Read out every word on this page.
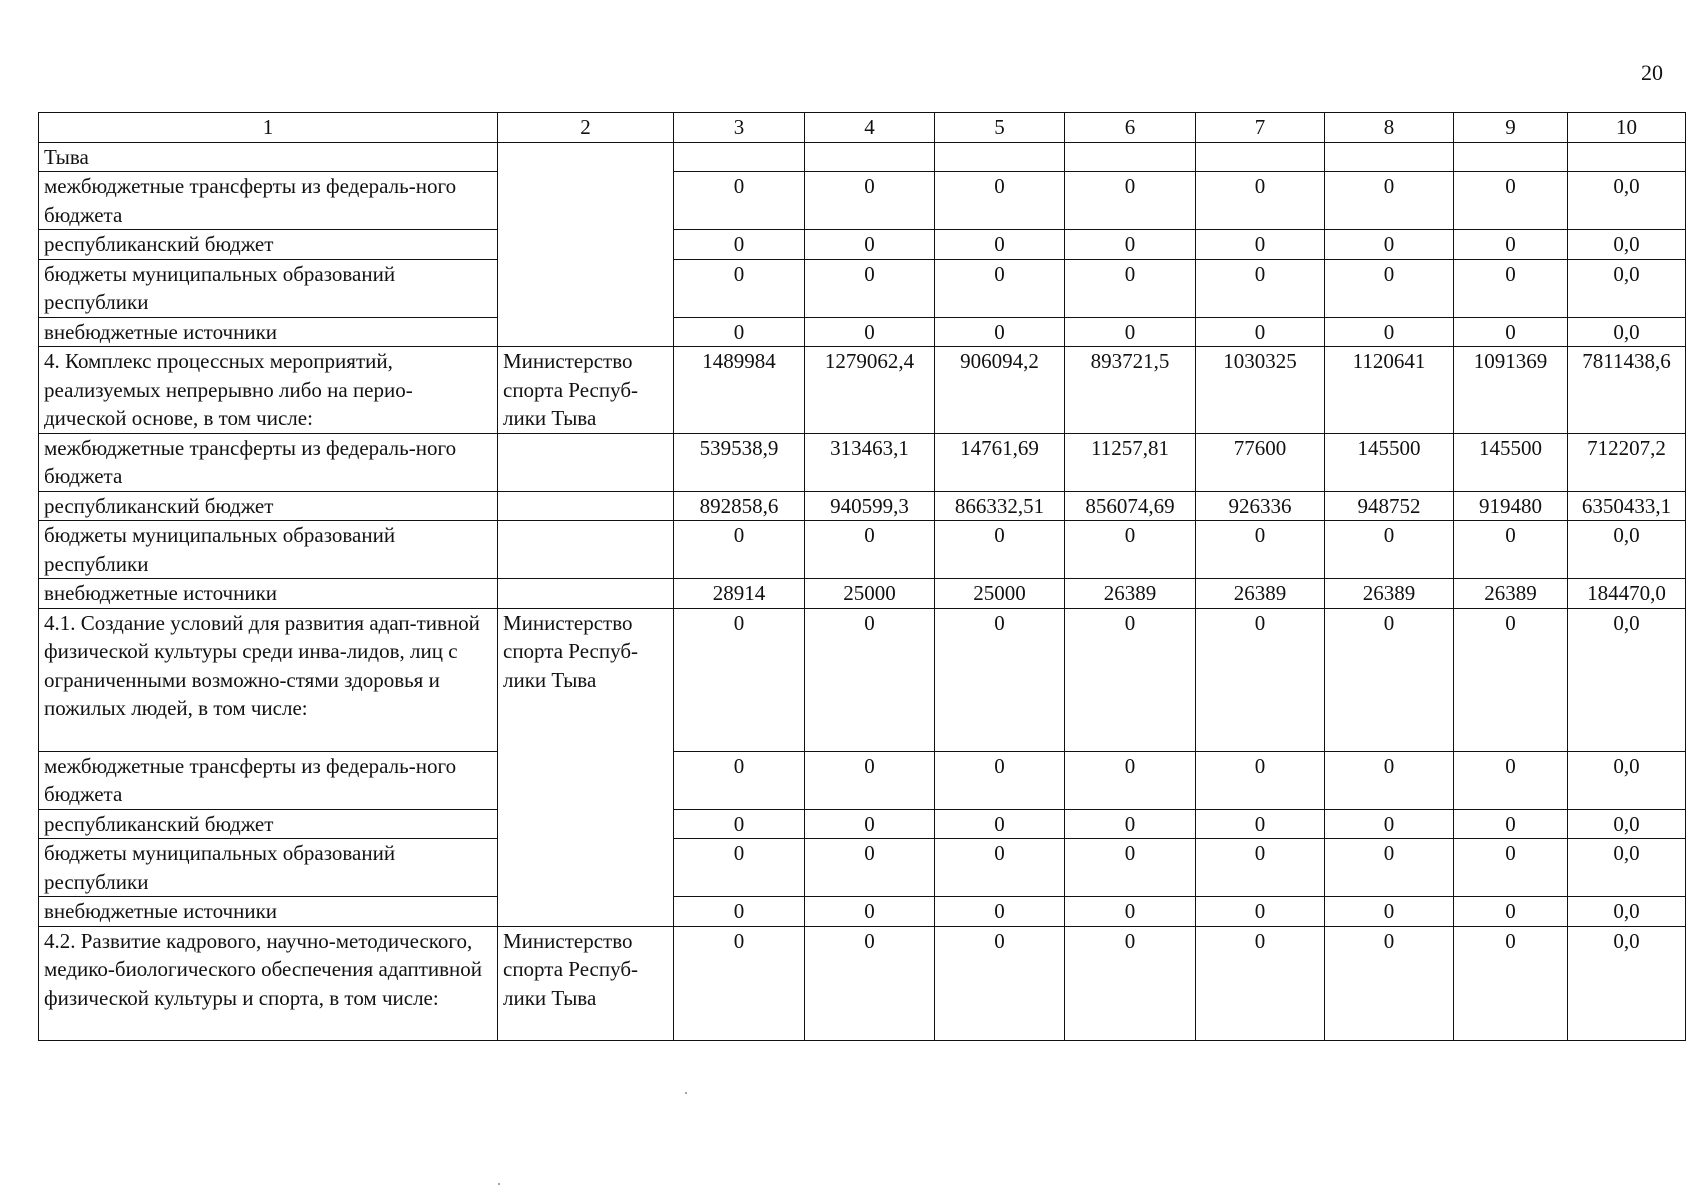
20
1	2	3	4	5	6	7	8	9	10
Тыва									
межбюджетные трансферты из федераль-ного бюджета		0	0	0	0	0	0	0	0,0
республиканский бюджет		0	0	0	0	0	0	0	0,0
бюджеты муниципальных образований республики		0	0	0	0	0	0	0	0,0
внебюджетные источники		0	0	0	0	0	0	0	0,0
4. Комплекс процессных мероприятий, реализуемых непрерывно либо на перио-дической основе, в том числе:	Министерство спорта Респуб-лики Тыва	1489984	1279062,4	906094,2	893721,5	1030325	1120641	1091369	7811438,6
межбюджетные трансферты из федераль-ного бюджета		539538,9	313463,1	14761,69	11257,81	77600	145500	145500	712207,2
республиканский бюджет		892858,6	940599,3	866332,51	856074,69	926336	948752	919480	6350433,1
бюджеты муниципальных образований республики		0	0	0	0	0	0	0	0,0
внебюджетные источники		28914	25000	25000	26389	26389	26389	26389	184470,0
4.1. Создание условий для развития адап-тивной физической культуры среди инва-лидов, лиц с ограниченными возможно-стями здоровья и пожилых людей, в том числе:	Министерство спорта Респуб-лики Тыва	0	0	0	0	0	0	0	0,0
межбюджетные трансферты из федераль-ного бюджета		0	0	0	0	0	0	0	0,0
республиканский бюджет		0	0	0	0	0	0	0	0,0
бюджеты муниципальных образований республики		0	0	0	0	0	0	0	0,0
внебюджетные источники		0	0	0	0	0	0	0	0,0
4.2. Развитие кадрового, научно-методического, медико-биологического обеспечения адаптивной физической культуры и спорта, в том числе:	Министерство спорта Респуб-лики Тыва	0	0	0	0	0	0	0	0,0
